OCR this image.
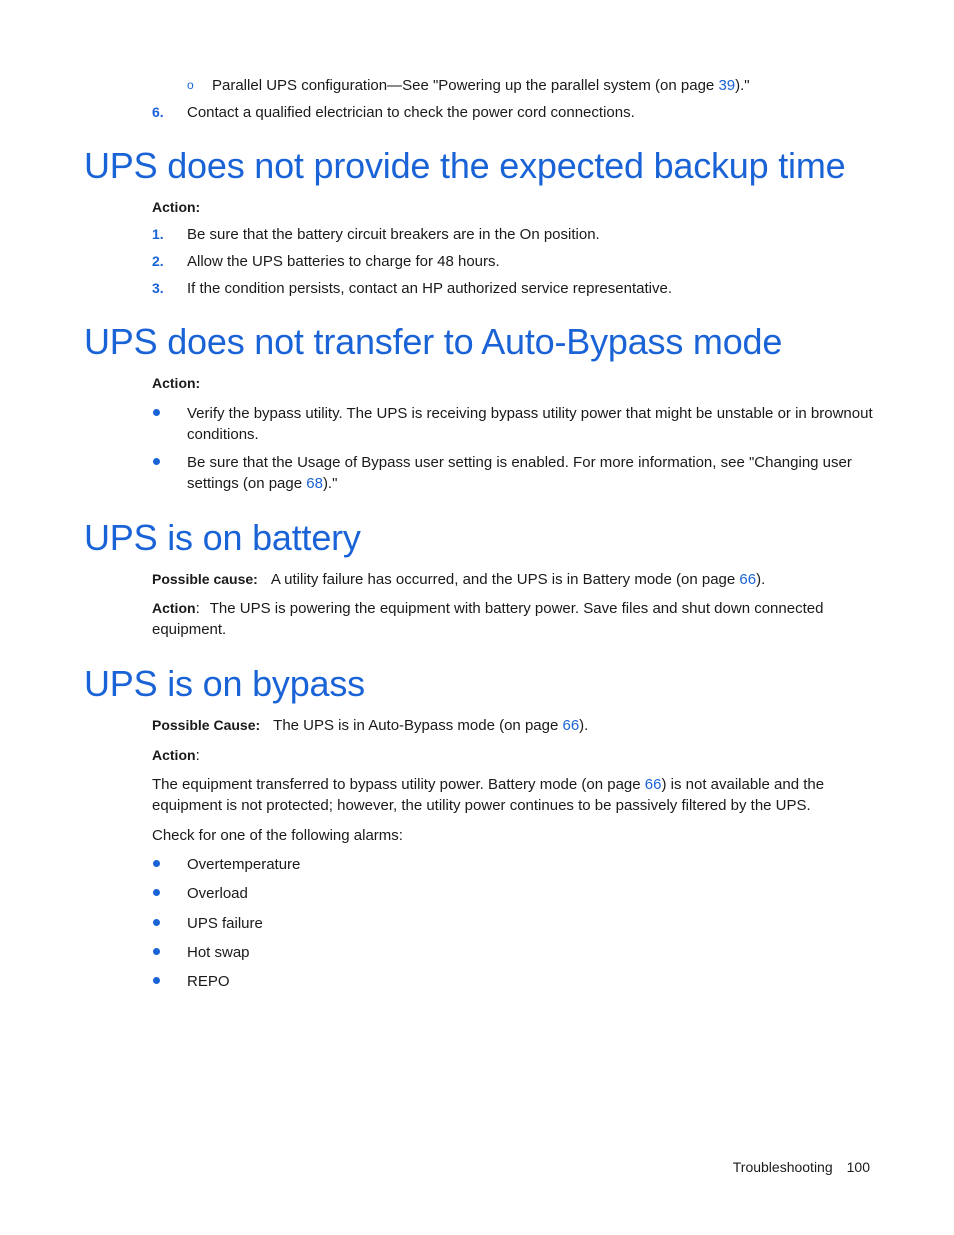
o Parallel UPS configuration—See "Powering up the parallel system (on page 39)."
6. Contact a qualified electrician to check the power cord connections.
UPS does not provide the expected backup time
Action:
1. Be sure that the battery circuit breakers are in the On position.
2. Allow the UPS batteries to charge for 48 hours.
3. If the condition persists, contact an HP authorized service representative.
UPS does not transfer to Auto-Bypass mode
Action:
Verify the bypass utility. The UPS is receiving bypass utility power that might be unstable or in brownout conditions.
Be sure that the Usage of Bypass user setting is enabled. For more information, see "Changing user settings (on page 68)."
UPS is on battery
Possible cause: A utility failure has occurred, and the UPS is in Battery mode (on page 66).
Action: The UPS is powering the equipment with battery power. Save files and shut down connected equipment.
UPS is on bypass
Possible Cause: The UPS is in Auto-Bypass mode (on page 66).
Action:
The equipment transferred to bypass utility power. Battery mode (on page 66) is not available and the equipment is not protected; however, the utility power continues to be passively filtered by the UPS.
Check for one of the following alarms:
Overtemperature
Overload
UPS failure
Hot swap
REPO
Troubleshooting 100
